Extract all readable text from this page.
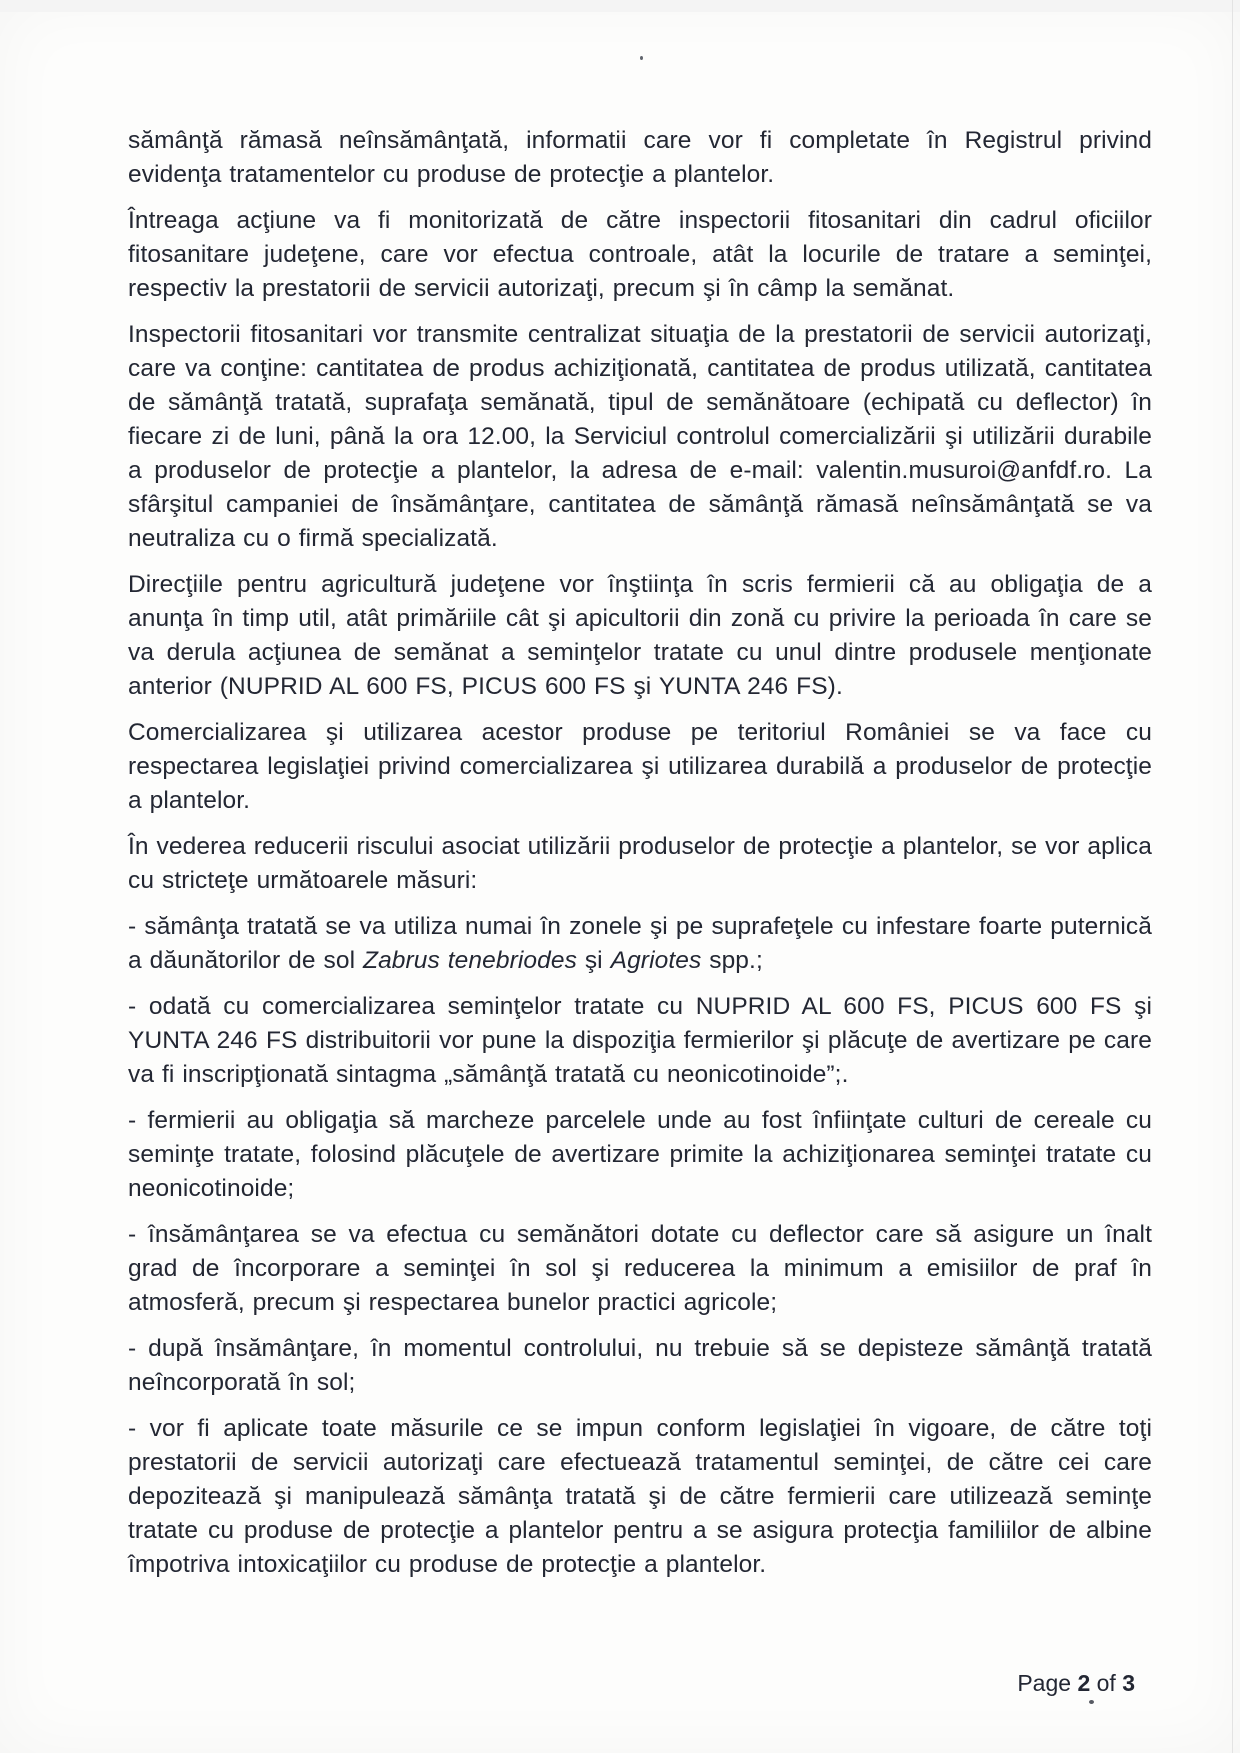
sămânţă rămasă neînsămânţată, informatii care vor fi completate în Registrul privind evidenţa tratamentelor cu produse de protecţie a plantelor.

Întreaga acţiune va fi monitorizată de către inspectorii fitosanitari din cadrul oficiilor fitosanitare judeţene, care vor efectua controale, atât la locurile de tratare a seminţei, respectiv la prestatorii de servicii autorizaţi, precum şi în câmp la semănat.

Inspectorii fitosanitari vor transmite centralizat situaţia de la prestatorii de servicii autorizaţi, care va conţine: cantitatea de produs achiziţionată, cantitatea de produs utilizată, cantitatea de sămânţă tratată, suprafaţa semănată, tipul de semănătoare (echipată cu deflector) în fiecare zi de luni, până la ora 12.00, la Serviciul controlul comercializării şi utilizării durabile a produselor de protecţie a plantelor, la adresa de e-mail: valentin.musuroi@anfdf.ro. La sfârşitul campaniei de însămânţare, cantitatea de sămânţă rămasă neînsămânţată se va neutraliza cu o firmă specializată.

Direcţiile pentru agricultură judeţene vor înştiinţa în scris fermierii că au obligaţia de a anunţa în timp util, atât primăriile cât şi apicultorii din zonă cu privire la perioada în care se va derula acţiunea de semănat a seminţelor tratate cu unul dintre produsele menţionate anterior (NUPRID AL 600 FS, PICUS 600 FS şi YUNTA 246 FS).

Comercializarea şi utilizarea acestor produse pe teritoriul României se va face cu respectarea legislaţiei privind comercializarea şi utilizarea durabilă a produselor de protecţie a plantelor.

În vederea reducerii riscului asociat utilizării produselor de protecţie a plantelor, se vor aplica cu stricteţe următoarele măsuri:

- sămânţa tratată se va utiliza numai în zonele şi pe suprafeţele cu infestare foarte puternică a dăunătorilor de sol Zabrus tenebriodes şi Agriotes spp.;

- odată cu comercializarea seminţelor tratate cu NUPRID AL 600 FS, PICUS 600 FS şi YUNTA 246 FS distribuitorii vor pune la dispoziţia fermierilor şi plăcuţe de avertizare pe care va fi inscripţionată sintagma „sămânţă tratată cu neonicotinoide”;.

- fermierii au obligaţia să marcheze parcelele unde au fost înfiinţate culturi de cereale cu seminţe tratate, folosind plăcuţele de avertizare primite la achiziţionarea seminţei tratate cu neonicotinoide;

- însămânţarea se va efectua cu semănători dotate cu deflector care să asigure un înalt grad de încorporare a seminţei în sol şi reducerea la minimum a emisiilor de praf în atmosferă, precum şi respectarea bunelor practici agricole;

- după însămânţare, în momentul controlului, nu trebuie să se depisteze sămânţă tratată neîncorporată în sol;

- vor fi aplicate toate măsurile ce se impun conform legislaţiei în vigoare, de către toţi prestatorii de servicii autorizaţi care efectuează tratamentul seminţei, de către cei care depozitează şi manipulează sămânţa tratată şi de către fermierii care utilizează seminţe tratate cu produse de protecţie a plantelor pentru a se asigura protecţia familiilor de albine împotriva intoxicaţiilor cu produse de protecţie a plantelor.

Page 2 of 3
